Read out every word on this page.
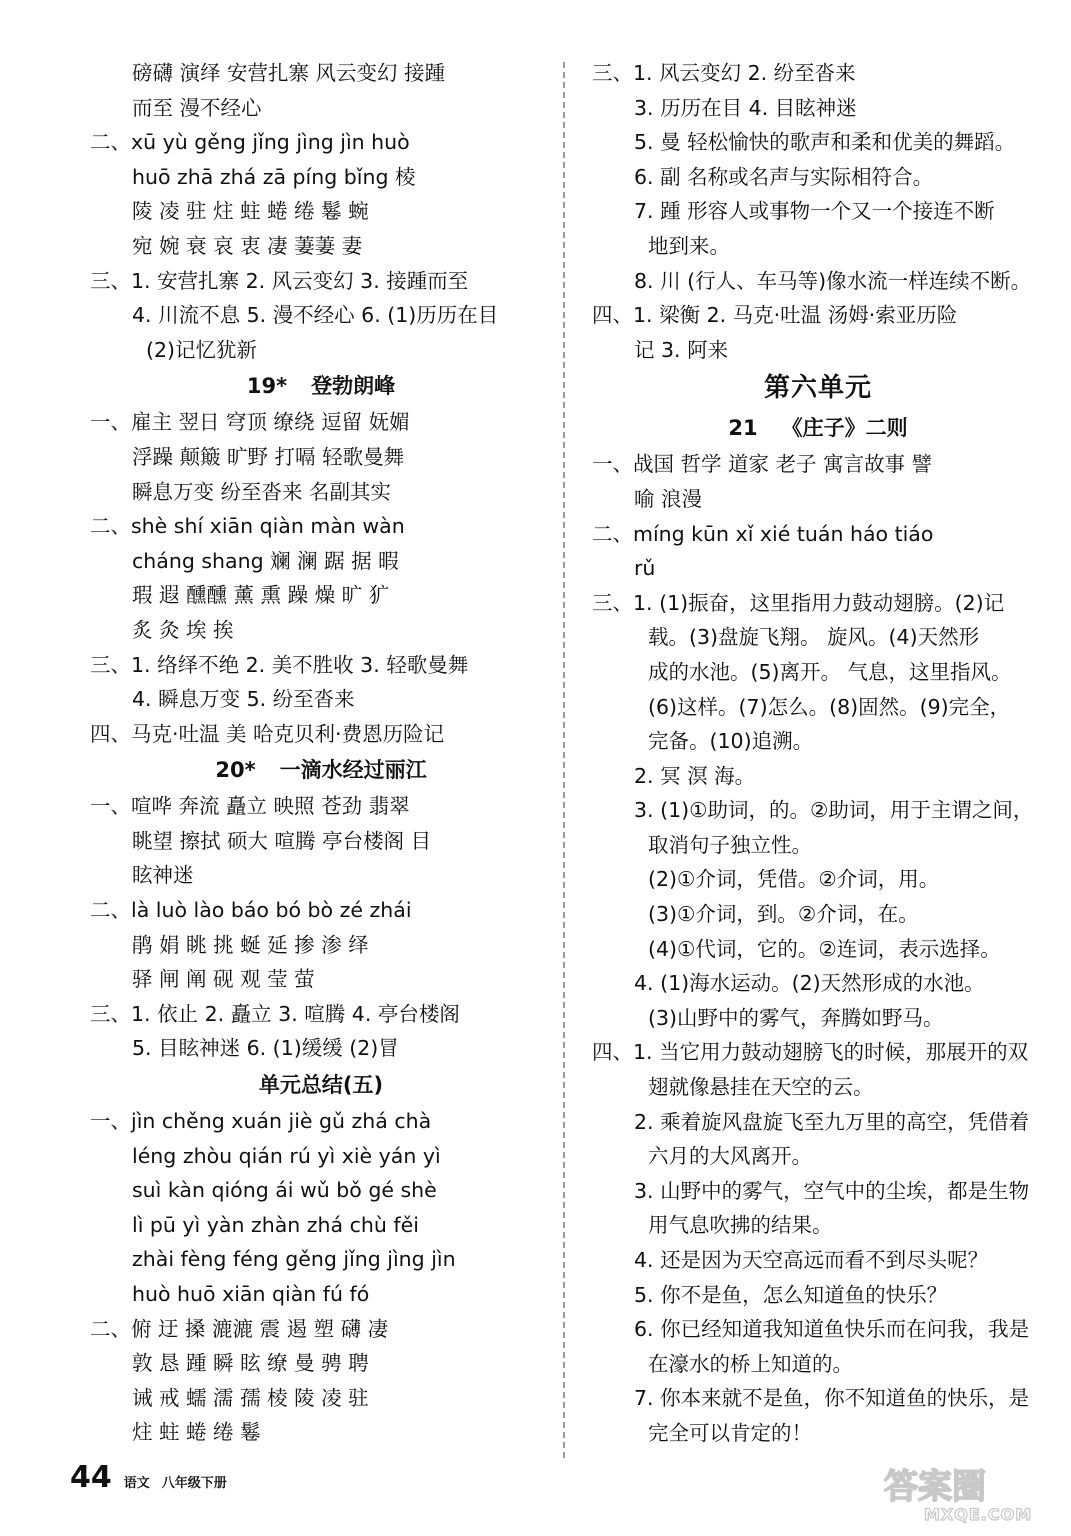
磅礴 演绎 安营扎寨 风云变幻 接踵
而至 漫不经心
二、xū yù gěng jǐng jìng jìn huò
huō zhā zhá zā píng bǐng 棱
陵 凌 驻 炷 蛀 蜷 绻 鬈 蜿
宛 婉 衰 哀 衷 凄 萋萋 妻
三、1. 安营扎寨 2. 风云变幻 3. 接踵而至
4. 川流不息 5. 漫不经心 6. (1)历历在目
(2)记忆犹新
19* 登勃朗峰
一、雇主 翌日 穹顶 缭绕 逗留 妩媚
浮躁 颠簸 旷野 打嗝 轻歌曼舞
瞬息万变 纷至沓来 名副其实
二、shè shí xiān qiàn màn wàn
cháng shang 斓 澜 踞 据 暇
瑕 遐 醺醺 薰 熏 躁 燥 旷 犷
炙 灸 埃 挨
三、1. 络绎不绝 2. 美不胜收 3. 轻歌曼舞
4. 瞬息万变 5. 纷至沓来
四、马克·吐温 美 哈克贝利·费恩历险记
20* 一滴水经过丽江
一、喧哗 奔流 矗立 映照 苍劲 翡翠
眺望 擦拭 硕大 喧腾 亭台楼阁 目
眩神迷
二、là luò lào báo bó bò zé zhái
鹃 娟 眺 挑 蜒 延 掺 渗 绎
驿 闸 阐 砚 观 莹 萤
三、1. 依止 2. 矗立 3. 喧腾 4. 亭台楼阁
5. 目眩神迷 6. (1)缓缓 (2)冒
单元总结(五)
一、jìn chěng xuán jiè gǔ zhá chà
léng zhòu qián rú yì xiè yán yì
suì kàn qióng ái wǔ bǒ gé shè
lì pū yì yàn zhàn zhá chù fěi
zhài fèng féng gěng jǐng jìng jìn
huò huō xiān qiàn fú fó
二、俯 迂 搡 漉漉 震 遏 塑 礴 凄
敦 恳 踵 瞬 眩 缭 曼 骋 聘
诫 戒 蠕 濡 孺 棱 陵 凌 驻
炷 蛀 蜷 绻 鬈
三、1. 风云变幻 2. 纷至沓来
3. 历历在目 4. 目眩神迷
5. 曼 轻松愉快的歌声和柔和优美的舞蹈。
6. 副 名称或名声与实际相符合。
7. 踵 形容人或事物一个又一个接连不断
地到来。
8. 川 (行人、车马等)像水流一样连续不断。
四、1. 梁衡 2. 马克·吐温 汤姆·索亚历险
记 3. 阿来
第六单元
21 《庄子》二则
一、战国 哲学 道家 老子 寓言故事 譬
喻 浪漫
二、míng kūn xǐ xié tuán háo tiáo
rǔ
三、1. (1)振奋，这里指用力鼓动翅膀。(2)记
载。(3)盘旋飞翔。 旋风。(4)天然形
成的水池。(5)离开。 气息，这里指风。
(6)这样。(7)怎么。(8)固然。(9)完全，
完备。(10)追溯。
2. 冥 溟 海。
3. (1)①助词，的。②助词，用于主谓之间，
取消句子独立性。
(2)①介词，凭借。②介词，用。
(3)①介词，到。②介词，在。
(4)①代词，它的。②连词，表示选择。
4. (1)海水运动。(2)天然形成的水池。
(3)山野中的雾气，奔腾如野马。
四、1. 当它用力鼓动翅膀飞的时候，那展开的双
翅就像悬挂在天空的云。
2. 乘着旋风盘旋飞至九万里的高空，凭借着
六月的大风离开。
3. 山野中的雾气，空气中的尘埃，都是生物
用气息吹拂的结果。
4. 还是因为天空高远而看不到尽头呢？
5. 你不是鱼，怎么知道鱼的快乐？
6. 你已经知道我知道鱼快乐而在问我，我是
在濠水的桥上知道的。
7. 你本来就不是鱼，你不知道鱼的快乐，是
完全可以肯定的！
44 语文 八年级下册	答案圈
MXQE.COM
